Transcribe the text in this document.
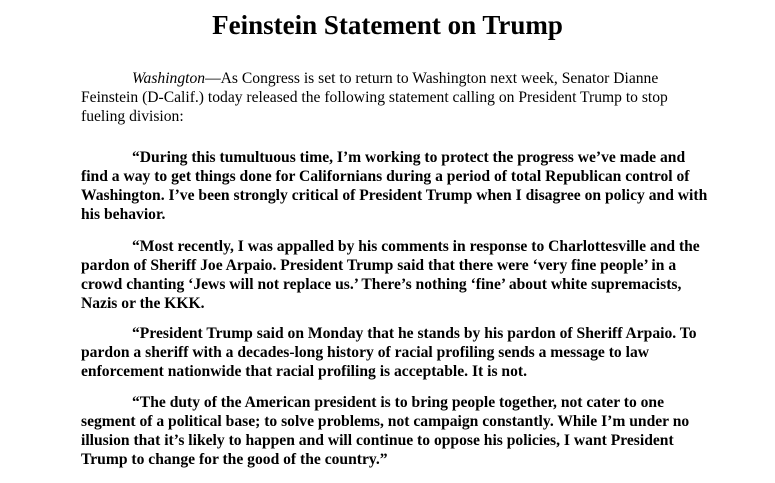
Feinstein Statement on Trump

Washington—As Congress is set to return to Washington next week, Senator Dianne Feinstein (D-Calif.) today released the following statement calling on President Trump to stop fueling division:

“During this tumultuous time, I’m working to protect the progress we’ve made and find a way to get things done for Californians during a period of total Republican control of Washington. I’ve been strongly critical of President Trump when I disagree on policy and with his behavior.

“Most recently, I was appalled by his comments in response to Charlottesville and the pardon of Sheriff Joe Arpaio. President Trump said that there were ‘very fine people’ in a crowd chanting ‘Jews will not replace us.’ There’s nothing ‘fine’ about white supremacists, Nazis or the KKK.

“President Trump said on Monday that he stands by his pardon of Sheriff Arpaio. To pardon a sheriff with a decades-long history of racial profiling sends a message to law enforcement nationwide that racial profiling is acceptable. It is not.

“The duty of the American president is to bring people together, not cater to one segment of a political base; to solve problems, not campaign constantly. While I’m under no illusion that it’s likely to happen and will continue to oppose his policies, I want President Trump to change for the good of the country.”
